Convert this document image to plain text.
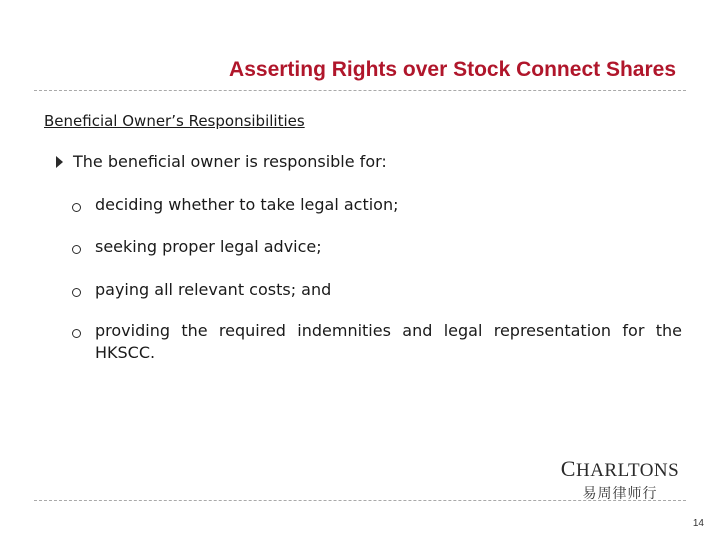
Asserting Rights over Stock Connect Shares
Beneficial Owner’s Responsibilities
The beneficial owner is responsible for:
deciding whether to take legal action;
seeking proper legal advice;
paying all relevant costs; and
providing the required indemnities and legal representation for the HKSCC.
CHARLTONS
易周律师行
14
